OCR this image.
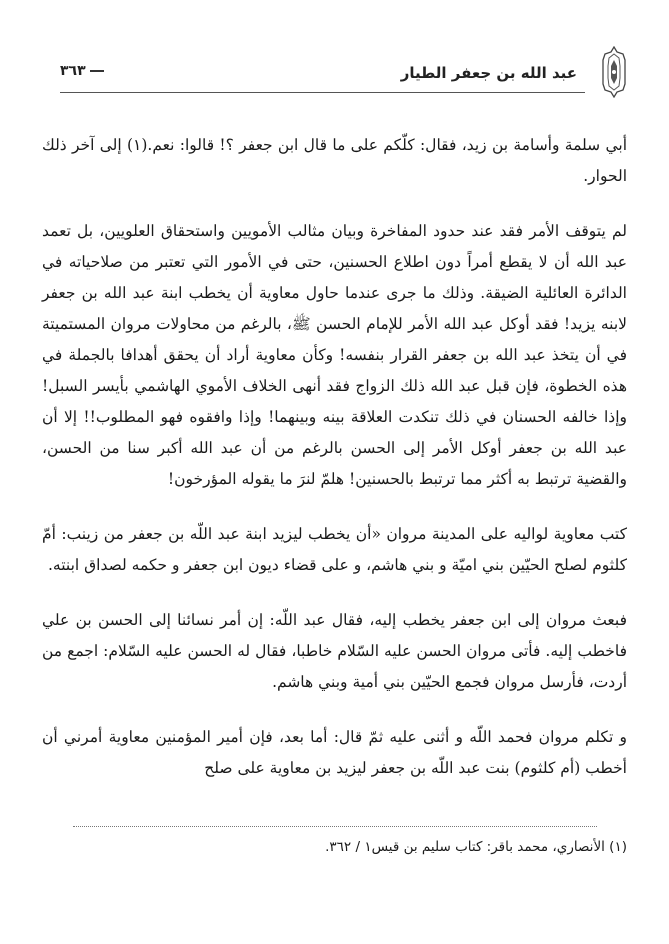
عبد الله بن جعفر الطيار
٣٦٣

أبي سلمة وأسامة بن زيد، فقال: كلّكم على ما قال ابن جعفر ؟! قالوا: نعم.(١) إلى آخر ذلك الحوار.

لم يتوقف الأمر فقد عند حدود المفاخرة وبيان مثالب الأمويين واستحقاق العلويين، بل تعمد عبد الله أن لا يقطع أمراً دون اطلاع الحسنين، حتى في الأمور التي تعتبر من صلاحياته في الدائرة العائلية الضيقة. وذلك ما جرى عندما حاول معاوية أن يخطب ابنة عبد الله بن جعفر لابنه يزيد! فقد أوكل عبد الله الأمر للإمام الحسن ﷺ، بالرغم من محاولات مروان المستميتة في أن يتخذ عبد الله بن جعفر القرار بنفسه! وكأن معاوية أراد أن يحقق أهدافا بالجملة في هذه الخطوة، فإن قبل عبد الله ذلك الزواج فقد أنهى الخلاف الأموي الهاشمي بأيسر السبل! وإذا خالفه الحسنان في ذلك تنكدت العلاقة بينه وبينهما! وإذا وافقوه فهو المطلوب!! إلا أن عبد الله بن جعفر أوكل الأمر إلى الحسن بالرغم من أن عبد الله أكبر سنا من الحسن، والقضية ترتبط به أكثر مما ترتبط بالحسنين! هلمّ لنرَ ما يقوله المؤرخون!

كتب معاوية لواليه على المدينة مروان «أن يخطب ليزيد ابنة عبد اللّه بن جعفر من زينب: أمّ كلثوم لصلح الحيّين بني اميّة و بني هاشم، و على قضاء ديون ابن جعفر و حكمه لصداق ابنته.

فبعث مروان إلى ابن جعفر يخطب إليه، فقال عبد اللّه: إن أمر نسائنا إلى الحسن بن علي فاخطب إليه. فأتى مروان الحسن عليه السّلام خاطبا، فقال له الحسن عليه السّلام: اجمع من أردت، فأرسل مروان فجمع الحيّين بني أمية وبني هاشم.

و تكلم مروان فحمد اللّه و أثنى عليه ثمّ قال: أما بعد، فإن أمير المؤمنين معاوية أمرني أن أخطب (أم كلثوم) بنت عبد اللّه بن جعفر ليزيد بن معاوية على صلح

(١) الأنصاري، محمد باقر: كتاب سليم بن قيس١ / ٣٦٢.
